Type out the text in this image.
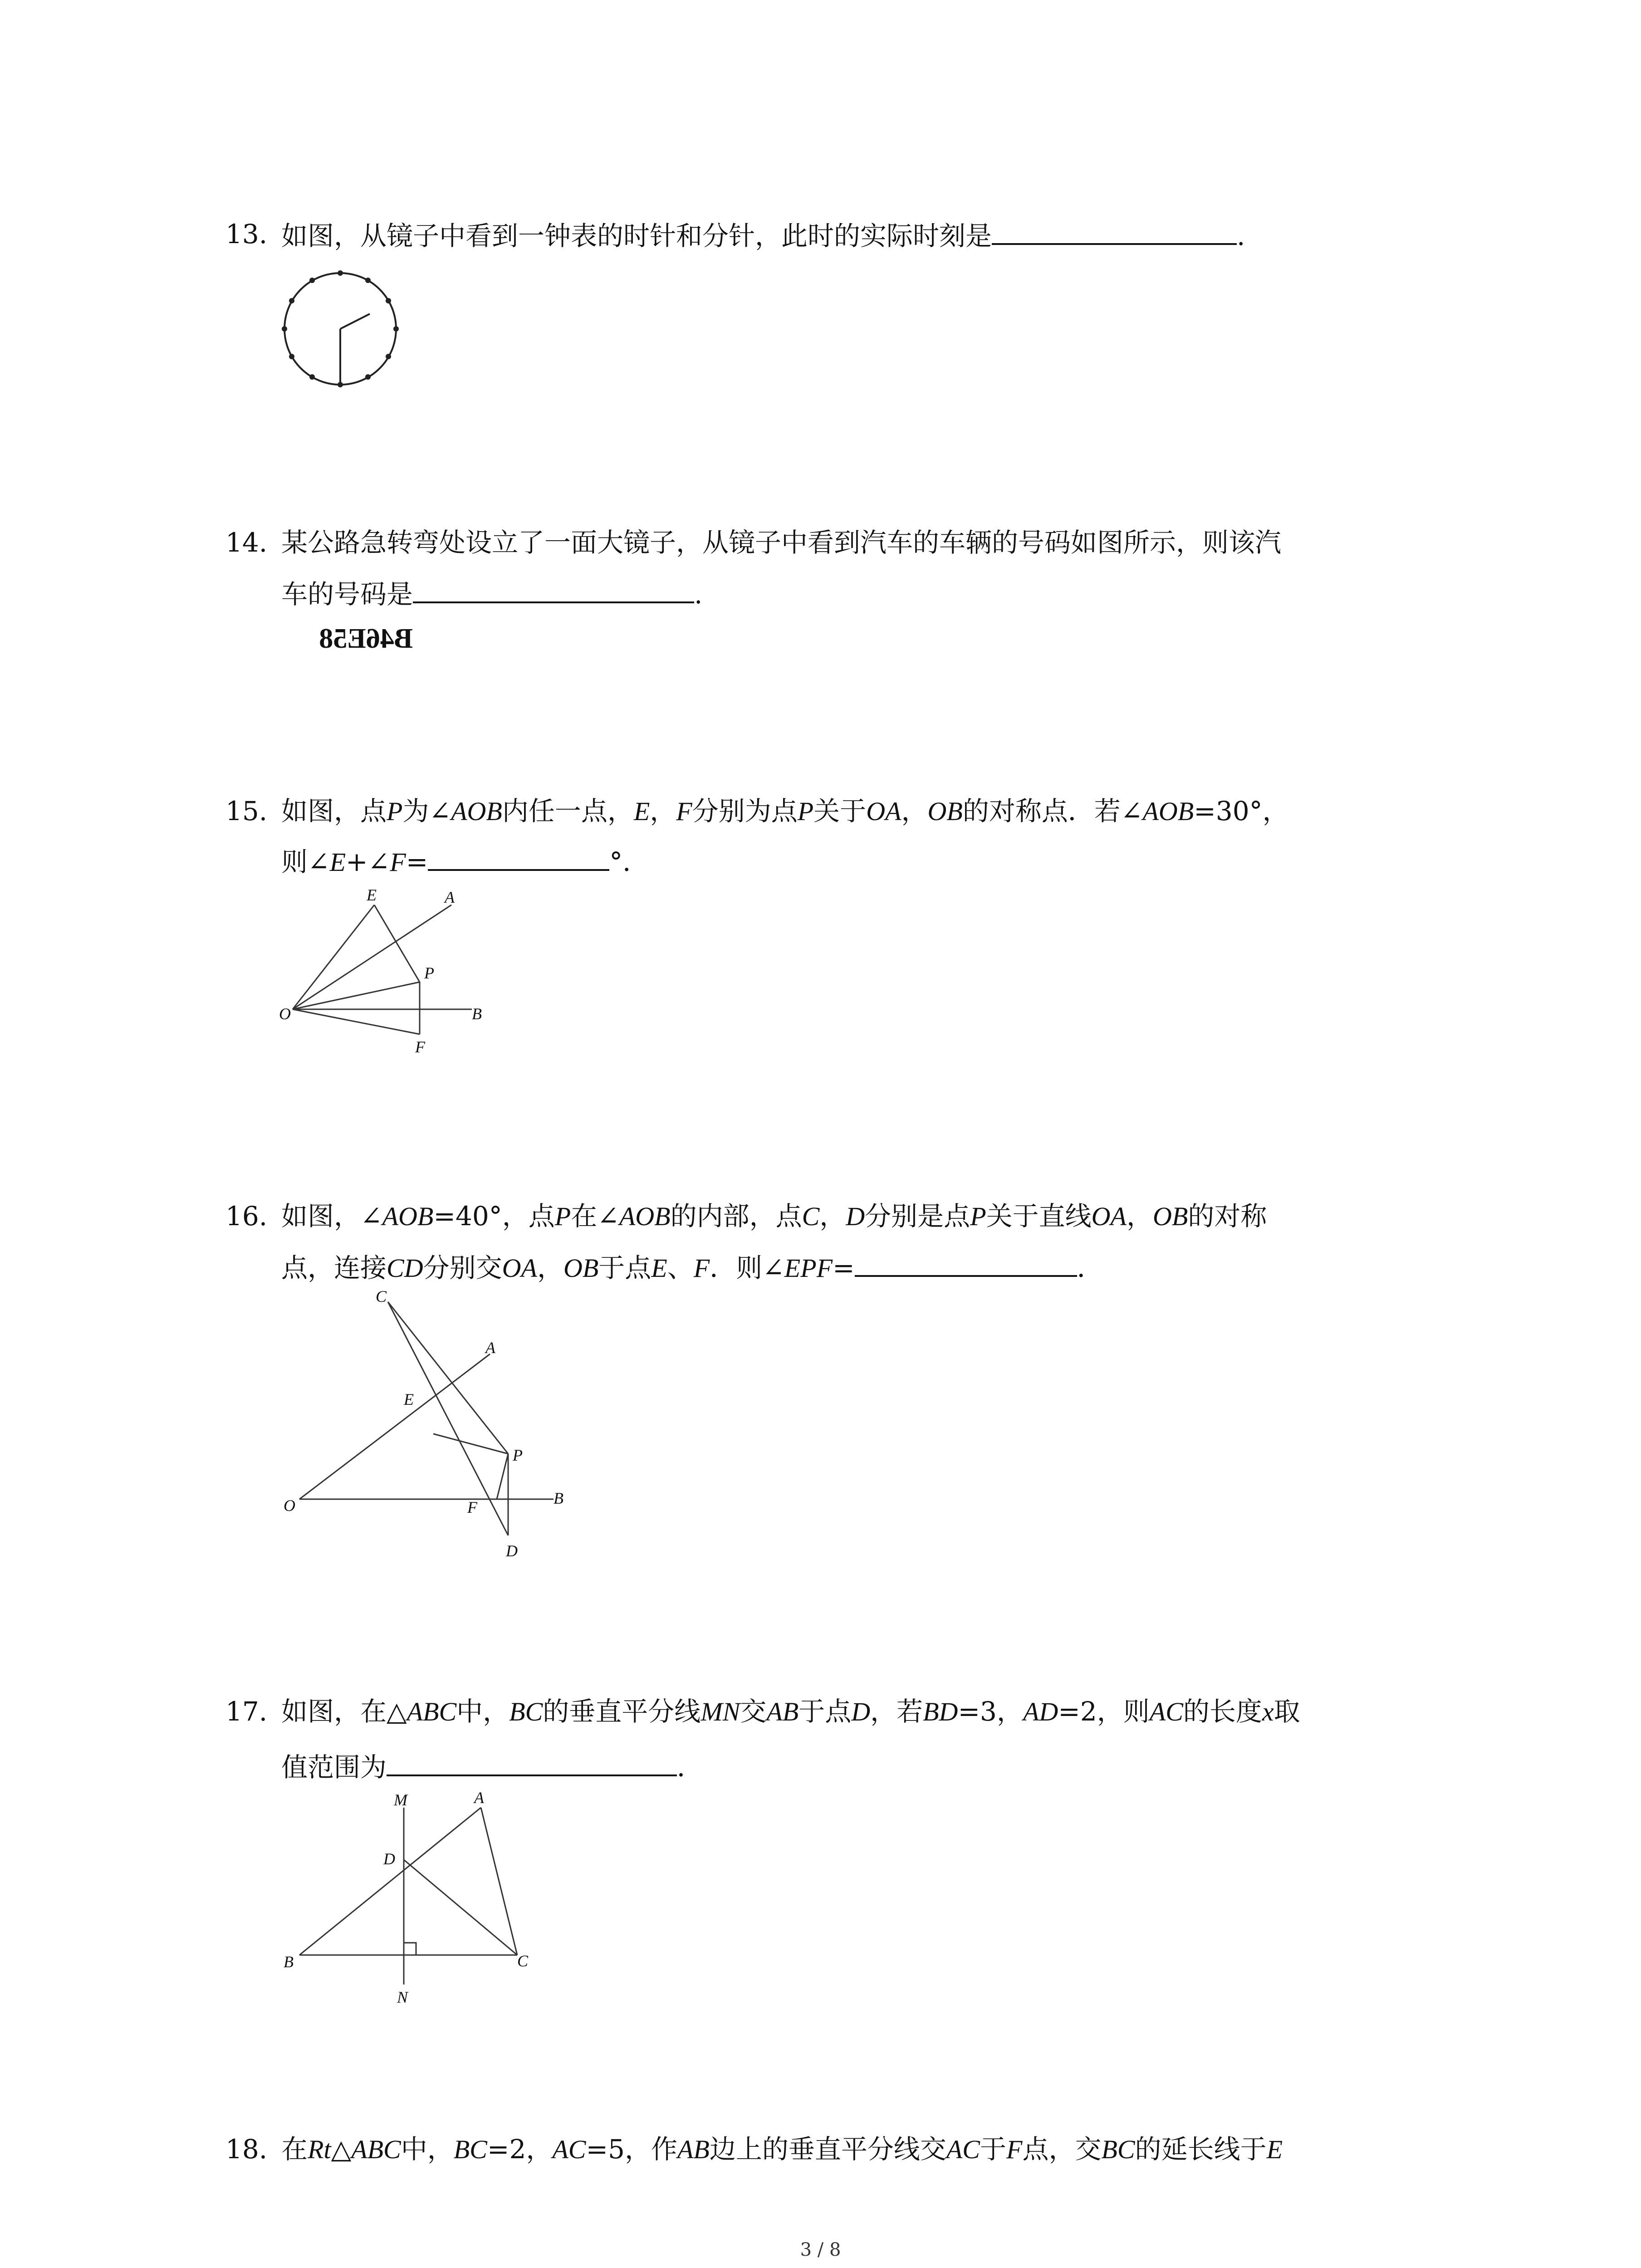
13. 如图，从镜子中看到一钟表的时针和分针，此时的实际时刻是	.
14. 某公路急转弯处设立了一面大镜子，从镜子中看到汽车的车辆的号码如图所示，则该汽
车的号码是	.
B46E58
15. 如图，点P为∠AOB内任一点，E，F分别为点P关于OA，OB的对称点．若∠AOB=30°，
则∠E+∠F=	°．
E	A
P
O	B
F
16. 如图，∠AOB=40°，点P在∠AOB的内部，点C，D分别是点P关于直线OA，OB的对称
点，连接CD分别交OA，OB于点E、F．则∠EPF=	．
C
A
E
P
O	B
F
D
17. 如图，在△ABC中，BC的垂直平分线MN交AB于点D，若BD=3，AD=2，则AC的长度x取
值范围为	．
M	A
D
B
N
C
18. 在Rt△ABC中，BC=2，AC=5，作AB边上的垂直平分线交AC于F点，交BC的延长线于E
3 / 8
